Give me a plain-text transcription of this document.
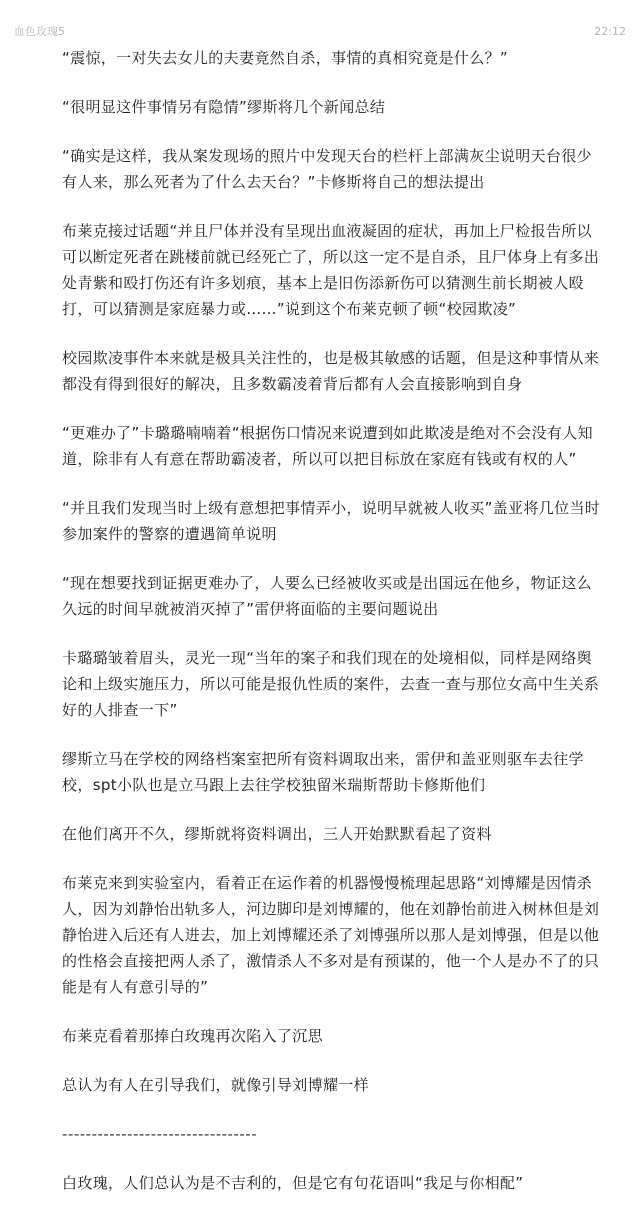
血色玫瑰5	22:12

“震惊，一对失去女儿的夫妻竟然自杀，事情的真相究竟是什么？”

“很明显这件事情另有隐情”缪斯将几个新闻总结

“确实是这样，我从案发现场的照片中发现天台的栏杆上部满灰尘说明天台很少有人来，那么死者为了什么去天台？”卡修斯将自己的想法提出

布莱克接过话题“并且尸体并没有呈现出血液凝固的症状，再加上尸检报告所以可以断定死者在跳楼前就已经死亡了，所以这一定不是自杀，且尸体身上有多出处青紫和殴打伤还有许多划痕，基本上是旧伤添新伤可以猜测生前长期被人殴打，可以猜测是家庭暴力或……”说到这个布莱克顿了顿“校园欺凌”

校园欺凌事件本来就是极具关注性的，也是极其敏感的话题，但是这种事情从来都没有得到很好的解决，且多数霸凌着背后都有人会直接影响到自身

“更难办了”卡璐璐喃喃着“根据伤口情况来说遭到如此欺凌是绝对不会没有人知道，除非有人有意在帮助霸凌者，所以可以把目标放在家庭有钱或有权的人”

“并且我们发现当时上级有意想把事情弄小，说明早就被人收买”盖亚将几位当时参加案件的警察的遭遇简单说明

“现在想要找到证据更难办了，人要么已经被收买或是出国远在他乡，物证这么久远的时间早就被消灭掉了”雷伊将面临的主要问题说出

卡璐璐皱着眉头，灵光一现“当年的案子和我们现在的处境相似，同样是网络舆论和上级实施压力，所以可能是报仇性质的案件，去查一查与那位女高中生关系好的人排查一下”

缪斯立马在学校的网络档案室把所有资料调取出来，雷伊和盖亚则驱车去往学校，spt小队也是立马跟上去往学校独留米瑞斯帮助卡修斯他们

在他们离开不久，缪斯就将资料调出，三人开始默默看起了资料

布莱克来到实验室内，看着正在运作着的机器慢慢梳理起思路“刘博耀是因情杀人，因为刘静怡出轨多人，河边脚印是刘博耀的，他在刘静怡前进入树林但是刘静怡进入后还有人进去，加上刘博耀还杀了刘博强所以那人是刘博强，但是以他的性格会直接把两人杀了，激情杀人不多对是有预谋的，他一个人是办不了的只能是有人有意引导的”

布莱克看着那捧白玫瑰再次陷入了沉思

总认为有人在引导我们，就像引导刘博耀一样

---------------------------------

白玫瑰，人们总认为是不吉利的，但是它有句花语叫“我足与你相配”
